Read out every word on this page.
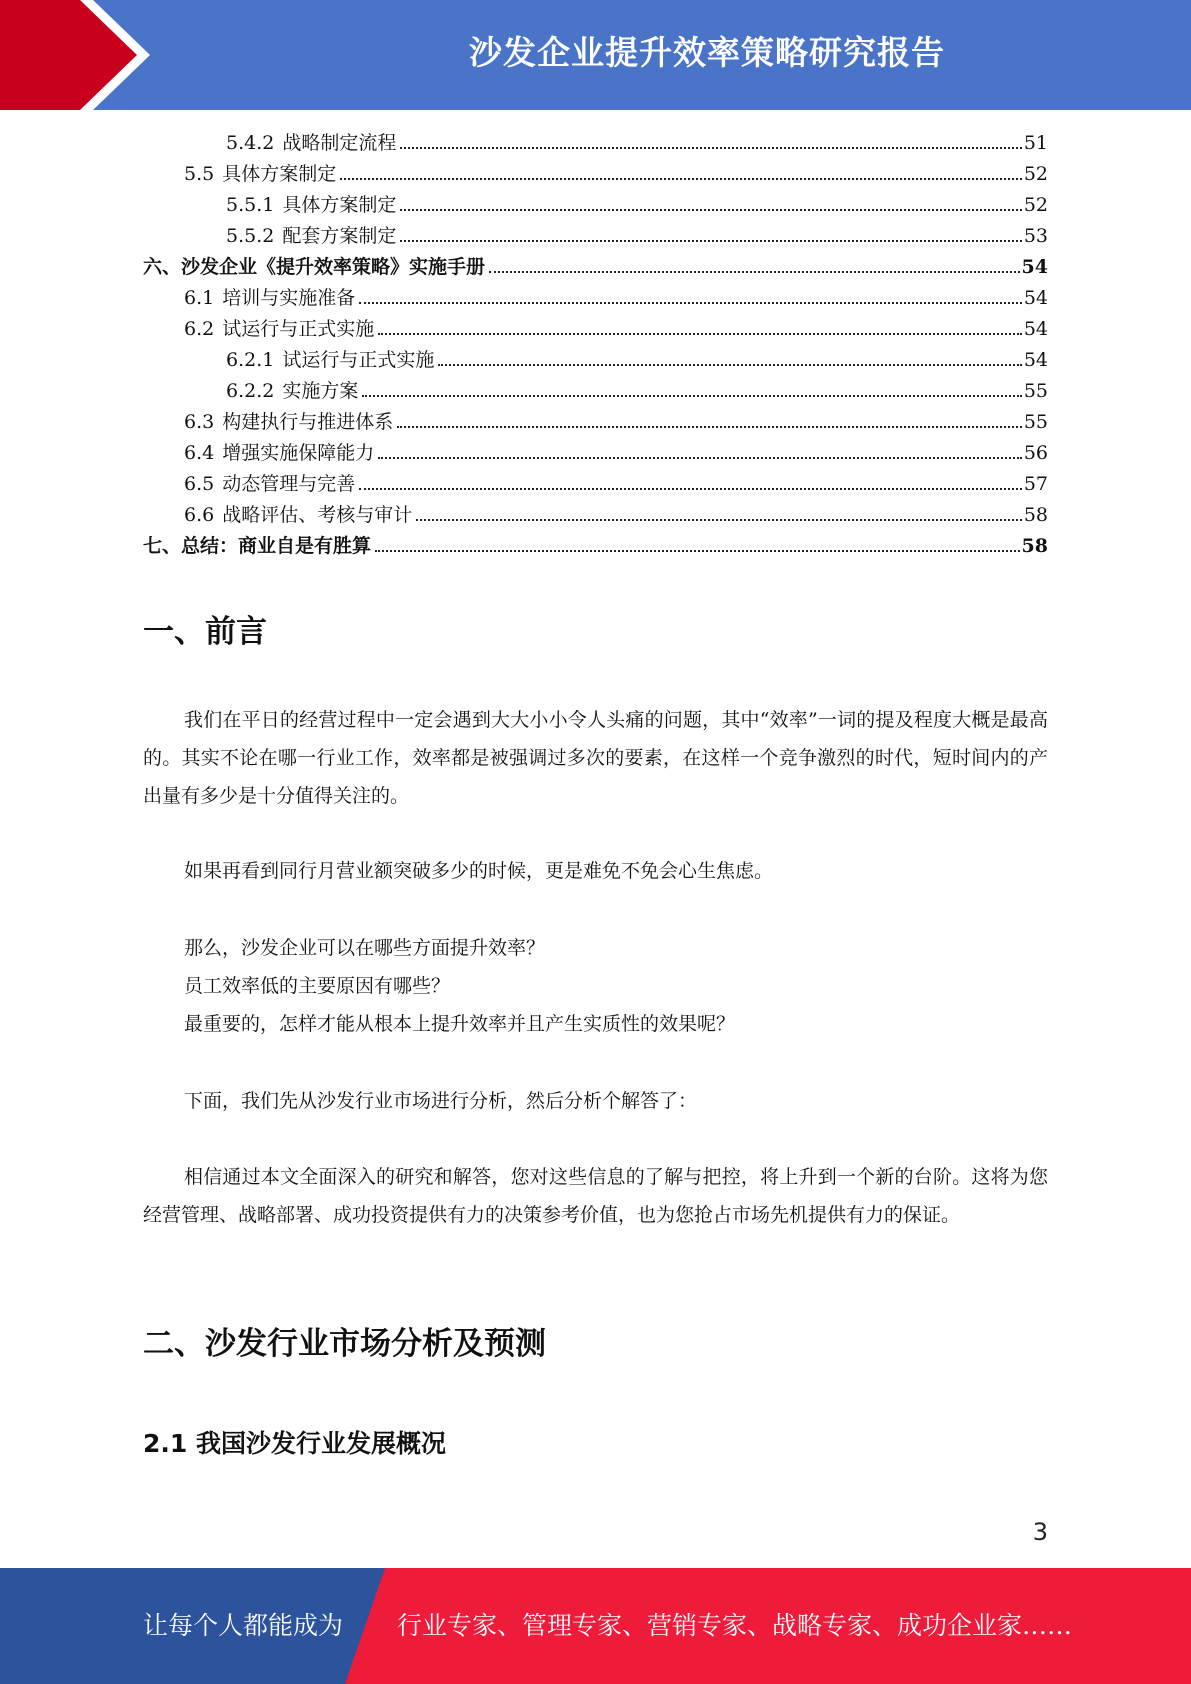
沙发企业提升效率策略研究报告
5.4.2 战略制定流程	51
5.5 具体方案制定	52
5.5.1 具体方案制定	52
5.5.2 配套方案制定	53
六、沙发企业《提升效率策略》实施手册	54
6.1 培训与实施准备	54
6.2 试运行与正式实施	54
6.2.1 试运行与正式实施	54
6.2.2 实施方案	55
6.3 构建执行与推进体系	55
6.4 增强实施保障能力	56
6.5 动态管理与完善	57
6.6 战略评估、考核与审计	58
七、总结：商业自是有胜算	58
一、前言

我们在平日的经营过程中一定会遇到大大小小令人头痛的问题，其中“效率”一词的提及程度大概是最高的。其实不论在哪一行业工作，效率都是被强调过多次的要素，在这样一个竞争激烈的时代，短时间内的产出量有多少是十分值得关注的。

如果再看到同行月营业额突破多少的时候，更是难免不免会心生焦虑。

那么，沙发企业可以在哪些方面提升效率？

员工效率低的主要原因有哪些？

最重要的，怎样才能从根本上提升效率并且产生实质性的效果呢？

下面，我们先从沙发行业市场进行分析，然后分析个解答了：

相信通过本文全面深入的研究和解答，您对这些信息的了解与把控，将上升到一个新的台阶。这将为您经营管理、战略部署、成功投资提供有力的决策参考价值，也为您抢占市场先机提供有力的保证。

二、沙发行业市场分析及预测
2.1 我国沙发行业发展概况
3
让每个人都能成为 行业专家、管理专家、营销专家、战略专家、成功企业家……
